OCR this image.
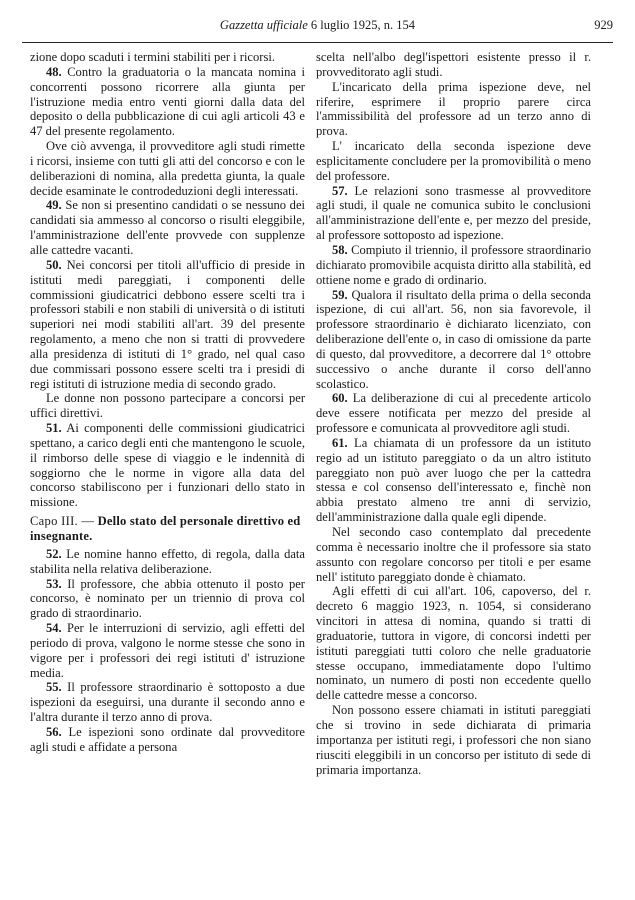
Gazzetta ufficiale 6 luglio 1925, n. 154	929

zione dopo scaduti i termini stabiliti per i ricorsi.

48. Contro la graduatoria o la mancata nomina i concorrenti possono ricorrere alla giunta per l'istruzione media entro venti giorni dalla data del deposito o della pubblicazione di cui agli articoli 43 e 47 del presente regolamento.

Ove ciò avvenga, il provveditore agli studi rimette i ricorsi, insieme con tutti gli atti del concorso e con le deliberazioni di nomina, alla predetta giunta, la quale decide esaminate le controdeduzioni degli interessati.

49. Se non si presentino candidati o se nessuno dei candidati sia ammesso al concorso o risulti eleggibile, l'amministrazione dell'ente provvede con supplenze alle cattedre vacanti.

50. Nei concorsi per titoli all'ufficio di preside in istituti medi pareggiati, i componenti delle commissioni giudicatrici debbono essere scelti tra i professori stabili e non stabili di università o di istituti superiori nei modi stabiliti all'art. 39 del presente regolamento, a meno che non si tratti di provvedere alla presidenza di istituti di 1° grado, nel qual caso due commissari possono essere scelti tra i presidi di regi istituti di istruzione media di secondo grado.

Le donne non possono partecipare a concorsi per uffici direttivi.

51. Ai componenti delle commissioni giudicatrici spettano, a carico degli enti che mantengono le scuole, il rimborso delle spese di viaggio e le indennità di soggiorno che le norme in vigore alla data del concorso stabiliscono per i funzionari dello stato in missione.

Capo III. — Dello stato del personale direttivo ed insegnante.

52. Le nomine hanno effetto, di regola, dalla data stabilita nella relativa deliberazione.

53. Il professore, che abbia ottenuto il posto per concorso, è nominato per un triennio di prova col grado di straordinario.

54. Per le interruzioni di servizio, agli effetti del periodo di prova, valgono le norme stesse che sono in vigore per i professori dei regi istituti d' istruzione media.

55. Il professore straordinario è sottoposto a due ispezioni da eseguirsi, una durante il secondo anno e l'altra durante il terzo anno di prova.

56. Le ispezioni sono ordinate dal provveditore agli studi e affidate a persona

scelta nell'albo degl'ispettori esistente presso il r. provveditorato agli studi.

L'incaricato della prima ispezione deve, nel riferire, esprimere il proprio parere circa l'ammissibilità del professore ad un terzo anno di prova.

L' incaricato della seconda ispezione deve esplicitamente concludere per la promovibilità o meno del professore.

57. Le relazioni sono trasmesse al provveditore agli studi, il quale ne comunica subito le conclusioni all'amministrazione dell'ente e, per mezzo del preside, al professore sottoposto ad ispezione.

58. Compiuto il triennio, il professore straordinario dichiarato promovibile acquista diritto alla stabilità, ed ottiene nome e grado di ordinario.

59. Qualora il risultato della prima o della seconda ispezione, di cui all'art. 56, non sia favorevole, il professore straordinario è dichiarato licenziato, con deliberazione dell'ente o, in caso di omissione da parte di questo, dal provveditore, a decorrere dal 1° ottobre successivo o anche durante il corso dell'anno scolastico.

60. La deliberazione di cui al precedente articolo deve essere notificata per mezzo del preside al professore e comunicata al provveditore agli studi.

61. La chiamata di un professore da un istituto regio ad un istituto pareggiato o da un altro istituto pareggiato non può aver luogo che per la cattedra stessa e col consenso dell'interessato e, finchè non abbia prestato almeno tre anni di servizio, dell'amministrazione dalla quale egli dipende.

Nel secondo caso contemplato dal precedente comma è necessario inoltre che il professore sia stato assunto con regolare concorso per titoli e per esame nell' istituto pareggiato donde è chiamato.

Agli effetti di cui all'art. 106, capoverso, del r. decreto 6 maggio 1923, n. 1054, si considerano vincitori in attesa di nomina, quando si tratti di graduatorie, tuttora in vigore, di concorsi indetti per istituti pareggiati tutti coloro che nelle graduatorie stesse occupano, immediatamente dopo l'ultimo nominato, un numero di posti non eccedente quello delle cattedre messe a concorso.

Non possono essere chiamati in istituti pareggiati che si trovino in sede dichiarata di primaria importanza per istituti regi, i professori che non siano riusciti eleggibili in un concorso per istituto di sede di primaria importanza.
